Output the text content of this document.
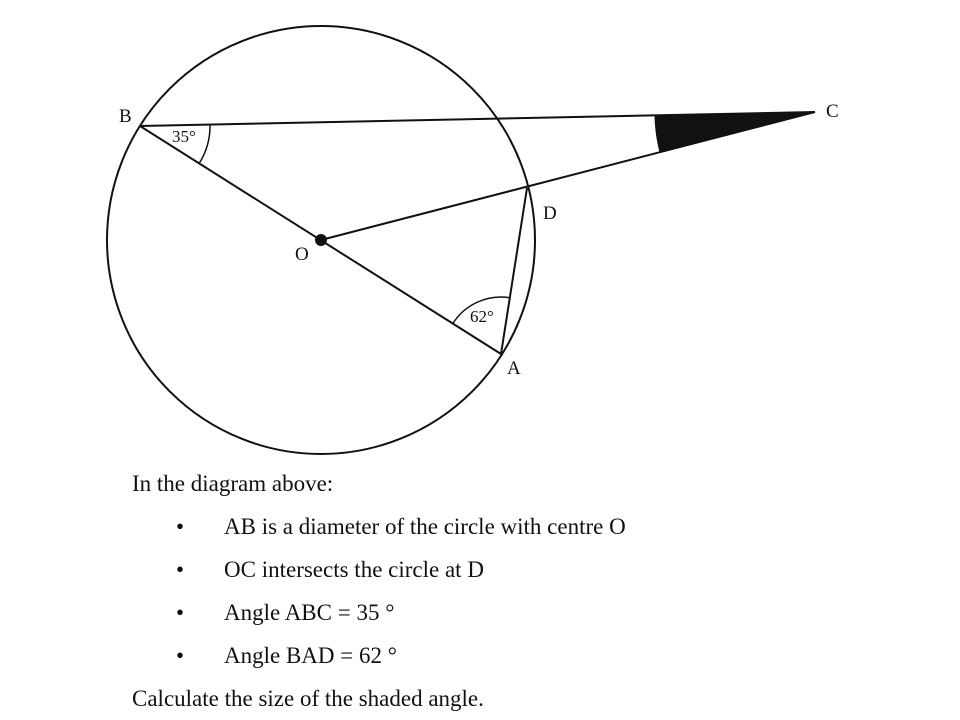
B	C
D
O
A
35°
62°

In the diagram above:

• AB is a diameter of the circle with centre O
• OC intersects the circle at D
• Angle ABC = 35 °
• Angle BAD = 62 °

Calculate the size of the shaded angle.
